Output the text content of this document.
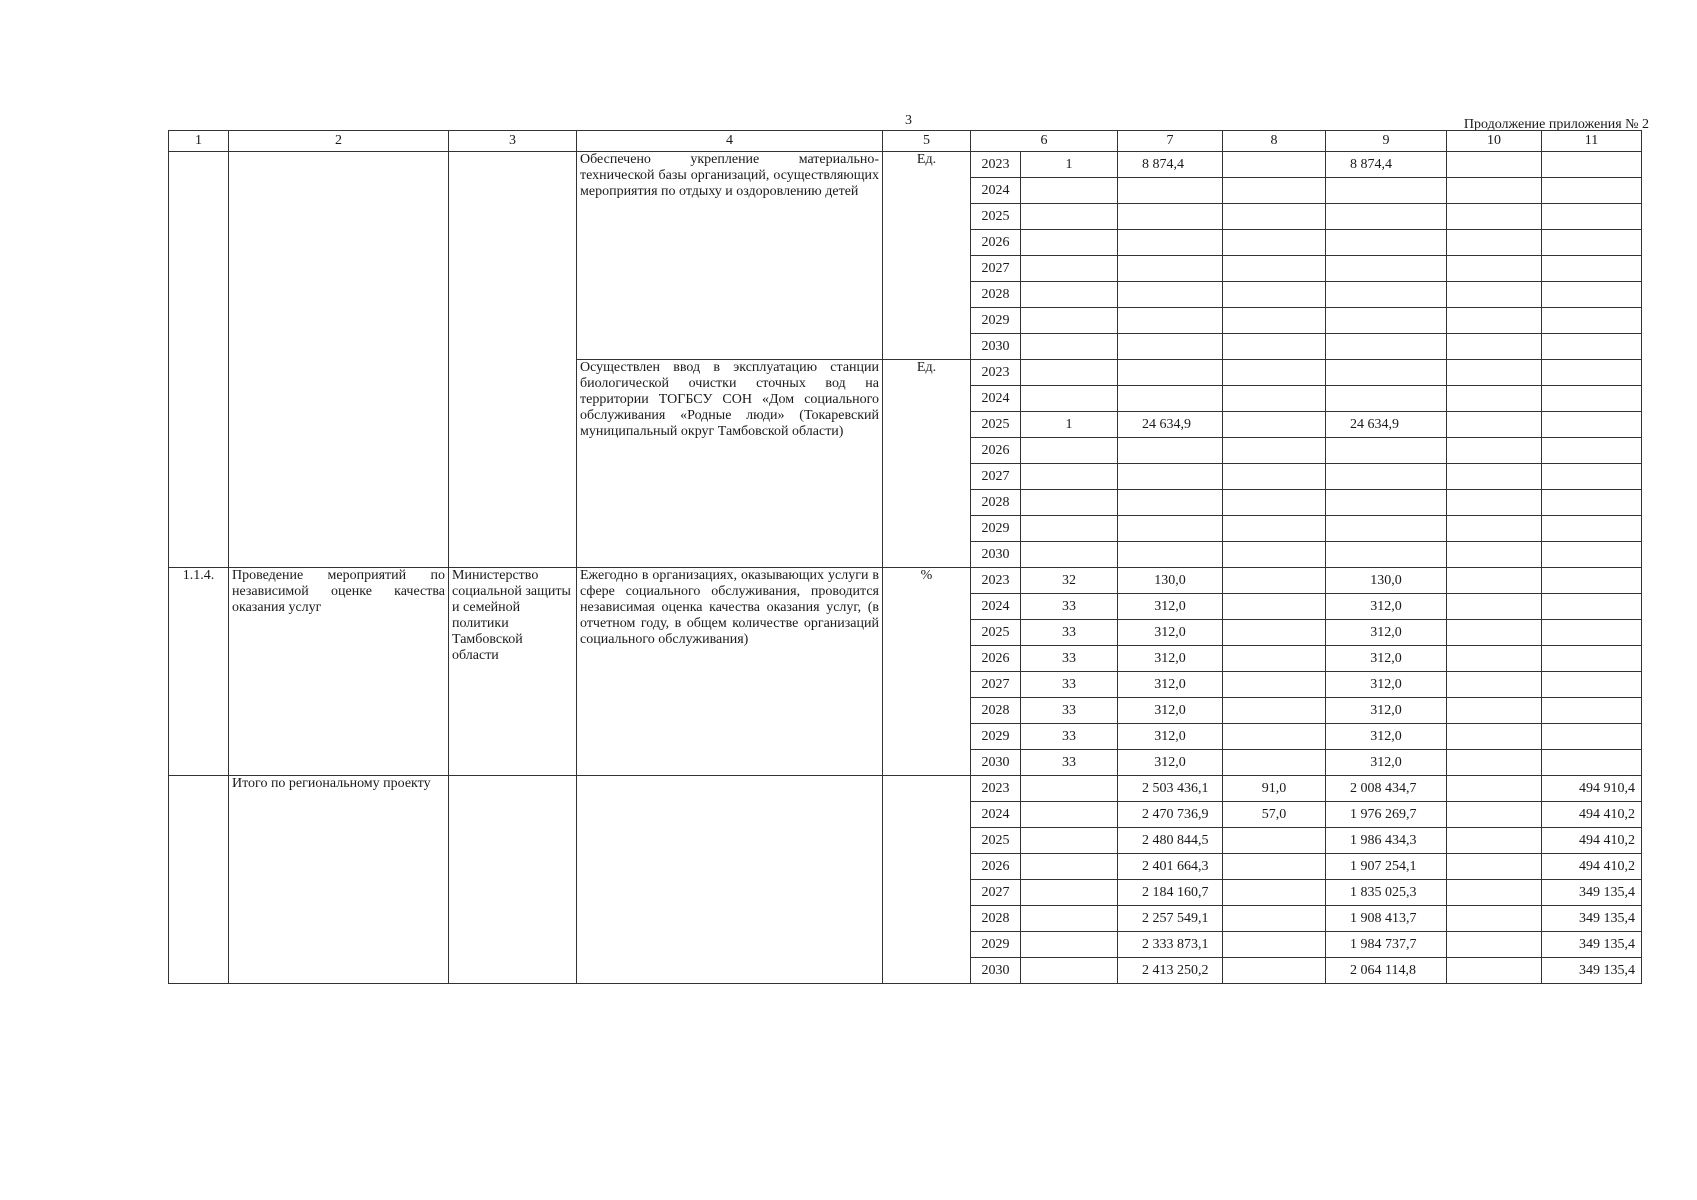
3	Продолжение приложения № 2
1	2	3	4	5	6		7	8	9	10	11
			Обеспечено укрепление материально-технической базы организаций, осуществляющих мероприятия по отдыху и оздоровлению детей	Ед.	2023	1	8 874,4		8 874,4		
					2024						
					2025						
					2026						
					2027						
					2028						
					2029						
					2030						
			Осуществлен ввод в эксплуатацию станции биологической очистки сточных вод на территории ТОГБСУ СОН «Дом социального обслуживания «Родные люди» (Токаревский муниципальный округ Тамбовской области)	Ед.	2023						
					2024						
					2025	1	24 634,9		24 634,9		
					2026						
					2027						
					2028						
					2029						
					2030						
1.1.4.	Проведение мероприятий по независимой оценке качества оказания услуг	Министерство социальной защиты и семейной политики Тамбовской области	Ежегодно в организациях, оказывающих услуги в сфере социального обслуживания, проводится независимая оценка качества оказания услуг, (в отчетном году, в общем количестве организаций социального обслуживания)	%	2023	32	130,0		130,0		
					2024	33	312,0		312,0		
					2025	33	312,0		312,0		
					2026	33	312,0		312,0		
					2027	33	312,0		312,0		
					2028	33	312,0		312,0		
					2029	33	312,0		312,0		
					2030	33	312,0		312,0		
	Итого по региональному проекту				2023		2 503 436,1	91,0	2 008 434,7		494 910,4
					2024		2 470 736,9	57,0	1 976 269,7		494 410,2
					2025		2 480 844,5		1 986 434,3		494 410,2
					2026		2 401 664,3		1 907 254,1		494 410,2
					2027		2 184 160,7		1 835 025,3		349 135,4
					2028		2 257 549,1		1 908 413,7		349 135,4
					2029		2 333 873,1		1 984 737,7		349 135,4
					2030		2 413 250,2		2 064 114,8		349 135,4
